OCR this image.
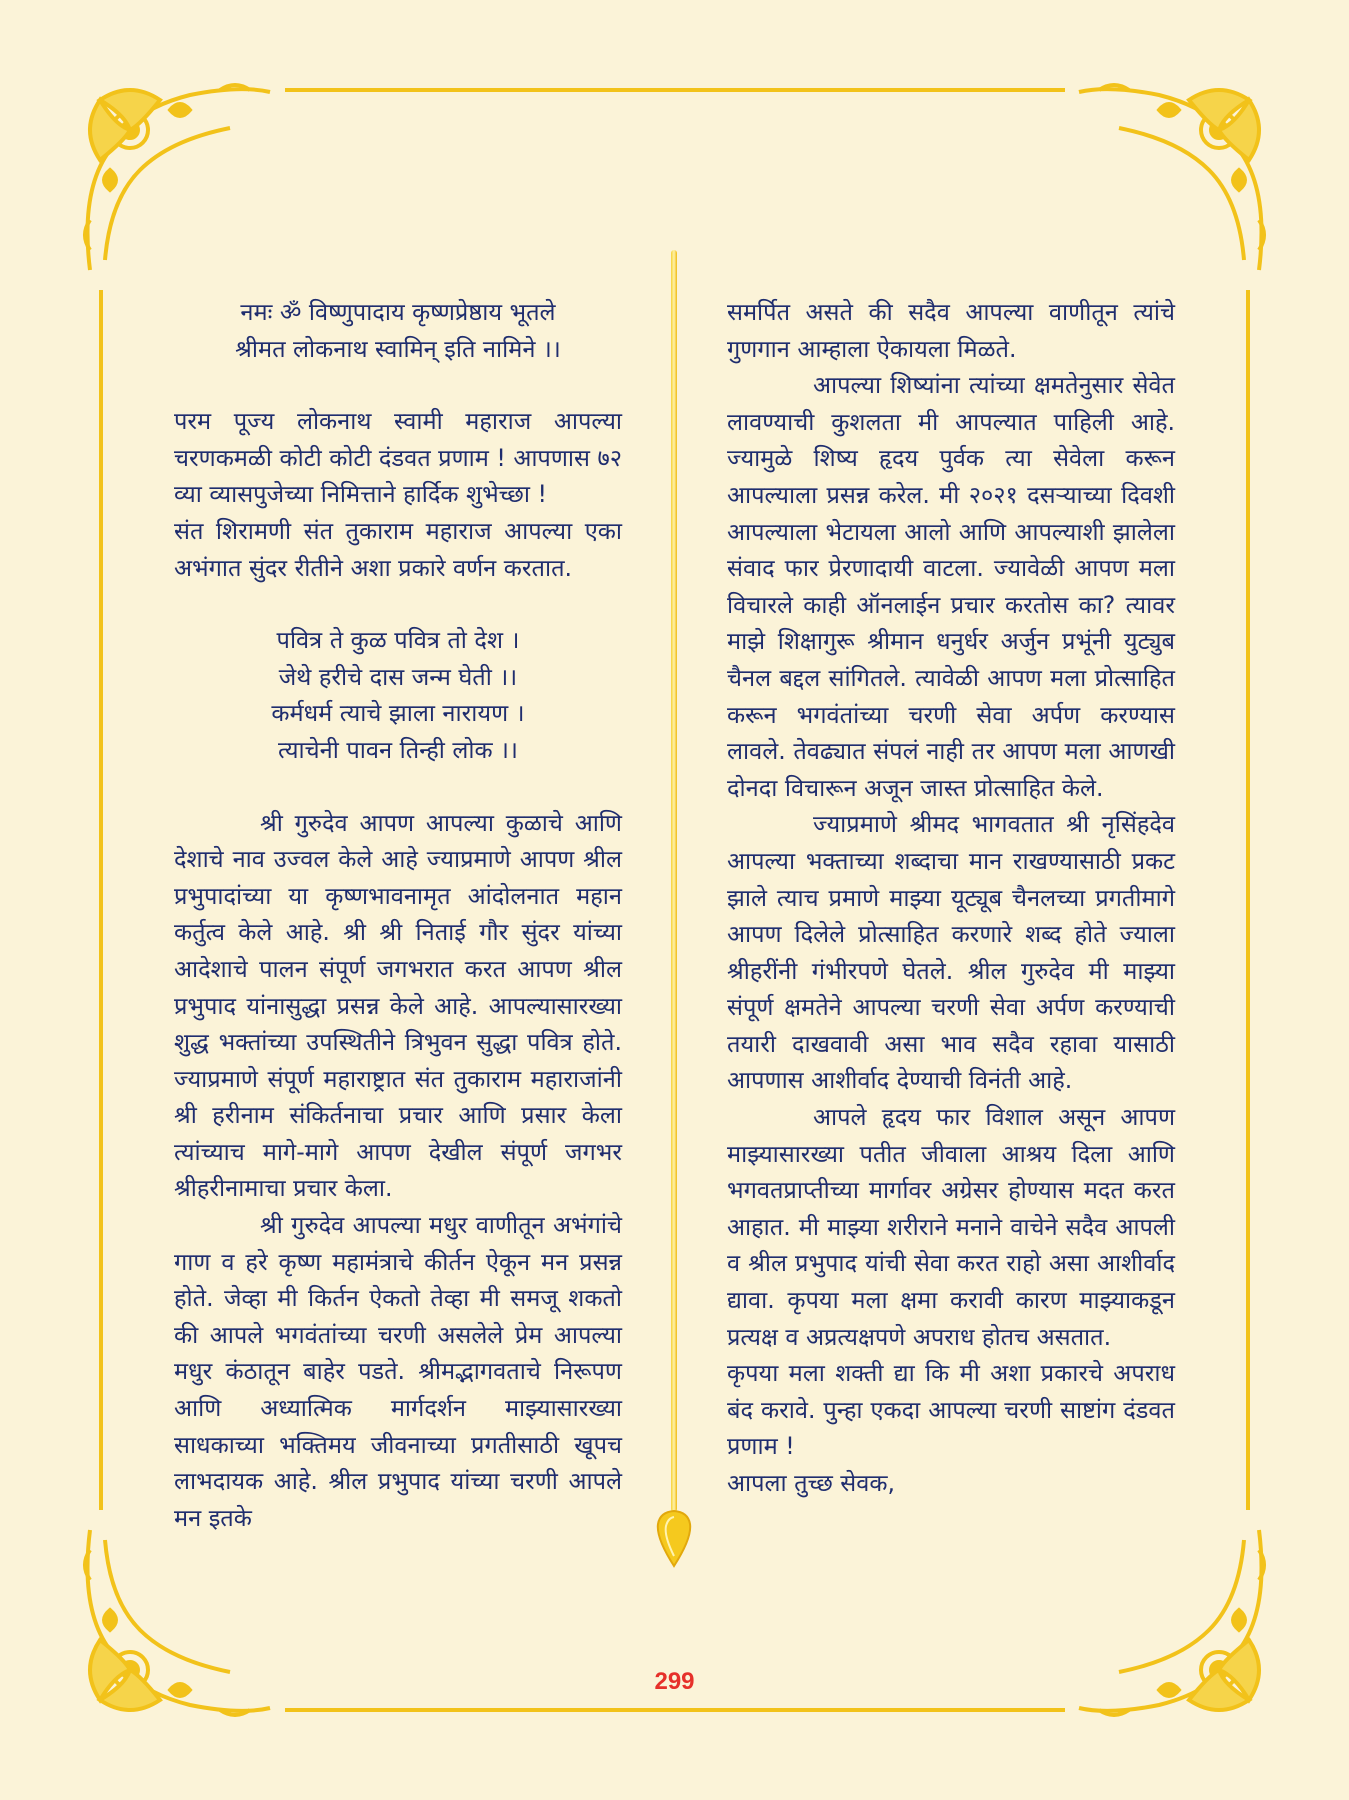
नमः ॐ विष्णुपादाय कृष्णप्रेष्ठाय भूतले

श्रीमत लोकनाथ स्वामिन् इति नामिने ।।

परम पूज्य लोकनाथ स्वामी महाराज आपल्या चरणकमळी कोटी कोटी दंडवत प्रणाम ! आपणास ७२ व्या व्यासपुजेच्या निमित्ताने हार्दिक शुभेच्छा !

संत शिरामणी संत तुकाराम महाराज आपल्या एका अभंगात सुंदर रीतीने अशा प्रकारे वर्णन करतात.

पवित्र ते कुळ पवित्र तो देश ।

जेथे हरीचे दास जन्म घेती ।।

कर्मधर्म त्याचे झाला नारायण ।

त्याचेनी पावन तिन्ही लोक ।।

श्री गुरुदेव आपण आपल्या कुळाचे आणि देशाचे नाव उज्वल केले आहे ज्याप्रमाणे आपण श्रील प्रभुपादांच्या या कृष्णभावनामृत आंदोलनात महान कर्तुत्व केले आहे. श्री श्री निताई गौर सुंदर यांच्या आदेशाचे पालन संपूर्ण जगभरात करत आपण श्रील प्रभुपाद यांनासुद्धा प्रसन्न केले आहे. आपल्यासारख्या शुद्ध भक्तांच्या उपस्थितीने त्रिभुवन सुद्धा पवित्र होते. ज्याप्रमाणे संपूर्ण महाराष्ट्रात संत तुकाराम महाराजांनी श्री हरीनाम संकिर्तनाचा प्रचार आणि प्रसार केला त्यांच्याच मागे-मागे आपण देखील संपूर्ण जगभर श्रीहरीनामाचा प्रचार केला.

श्री गुरुदेव आपल्या मधुर वाणीतून अभंगांचे गाण व हरे कृष्ण महामंत्राचे कीर्तन ऐकून मन प्रसन्न होते. जेव्हा मी किर्तन ऐकतो तेव्हा मी समजू शकतो की आपले भगवंतांच्या चरणी असलेले प्रेम आपल्या मधुर कंठातून बाहेर पडते. श्रीमद्भागवताचे निरूपण आणि अध्यात्मिक मार्गदर्शन माझ्यासारख्या साधकाच्या भक्तिमय जीवनाच्या प्रगतीसाठी खूपच लाभदायक आहे. श्रील प्रभुपाद यांच्या चरणी आपले मन इतके

समर्पित असते की सदैव आपल्या वाणीतून त्यांचे गुणगान आम्हाला ऐकायला मिळते.

आपल्या शिष्यांना त्यांच्या क्षमतेनुसार सेवेत लावण्याची कुशलता मी आपल्यात पाहिली आहे. ज्यामुळे शिष्य हृदय पुर्वक त्या सेवेला करून आपल्याला प्रसन्न करेल. मी २०२१ दसऱ्याच्या दिवशी आपल्याला भेटायला आलो आणि आपल्याशी झालेला संवाद फार प्रेरणादायी वाटला. ज्यावेळी आपण मला विचारले काही ऑनलाईन प्रचार करतोस का? त्यावर माझे शिक्षागुरू श्रीमान धनुर्धर अर्जुन प्रभूंनी युट्युब चैनल बद्दल सांगितले. त्यावेळी आपण मला प्रोत्साहित करून भगवंतांच्या चरणी सेवा अर्पण करण्यास लावले. तेवढ्यात संपलं नाही तर आपण मला आणखी दोनदा विचारून अजून जास्त प्रोत्साहित केले.

ज्याप्रमाणे श्रीमद भागवतात श्री नृसिंहदेव आपल्या भक्ताच्या शब्दाचा मान राखण्यासाठी प्रकट झाले त्याच प्रमाणे माझ्या यूट्यूब चैनलच्या प्रगतीमागे आपण दिलेले प्रोत्साहित करणारे शब्द होते ज्याला श्रीहरींनी गंभीरपणे घेतले. श्रील गुरुदेव मी माझ्या संपूर्ण क्षमतेने आपल्या चरणी सेवा अर्पण करण्याची तयारी दाखवावी असा भाव सदैव रहावा यासाठी आपणास आशीर्वाद देण्याची विनंती आहे.

आपले हृदय फार विशाल असून आपण माझ्यासारख्या पतीत जीवाला आश्रय दिला आणि भगवतप्राप्तीच्या मार्गावर अग्रेसर होण्यास मदत करत आहात. मी माझ्या शरीराने मनाने वाचेने सदैव आपली व श्रील प्रभुपाद यांची सेवा करत राहो असा आशीर्वाद द्यावा. कृपया मला क्षमा करावी कारण माझ्याकडून प्रत्यक्ष व अप्रत्यक्षपणे अपराध होतच असतात.

कृपया मला शक्ती द्या कि मी अशा प्रकारचे अपराध बंद करावे. पुन्हा एकदा आपल्या चरणी साष्टांग दंडवत प्रणाम !

आपला तुच्छ सेवक,

299
